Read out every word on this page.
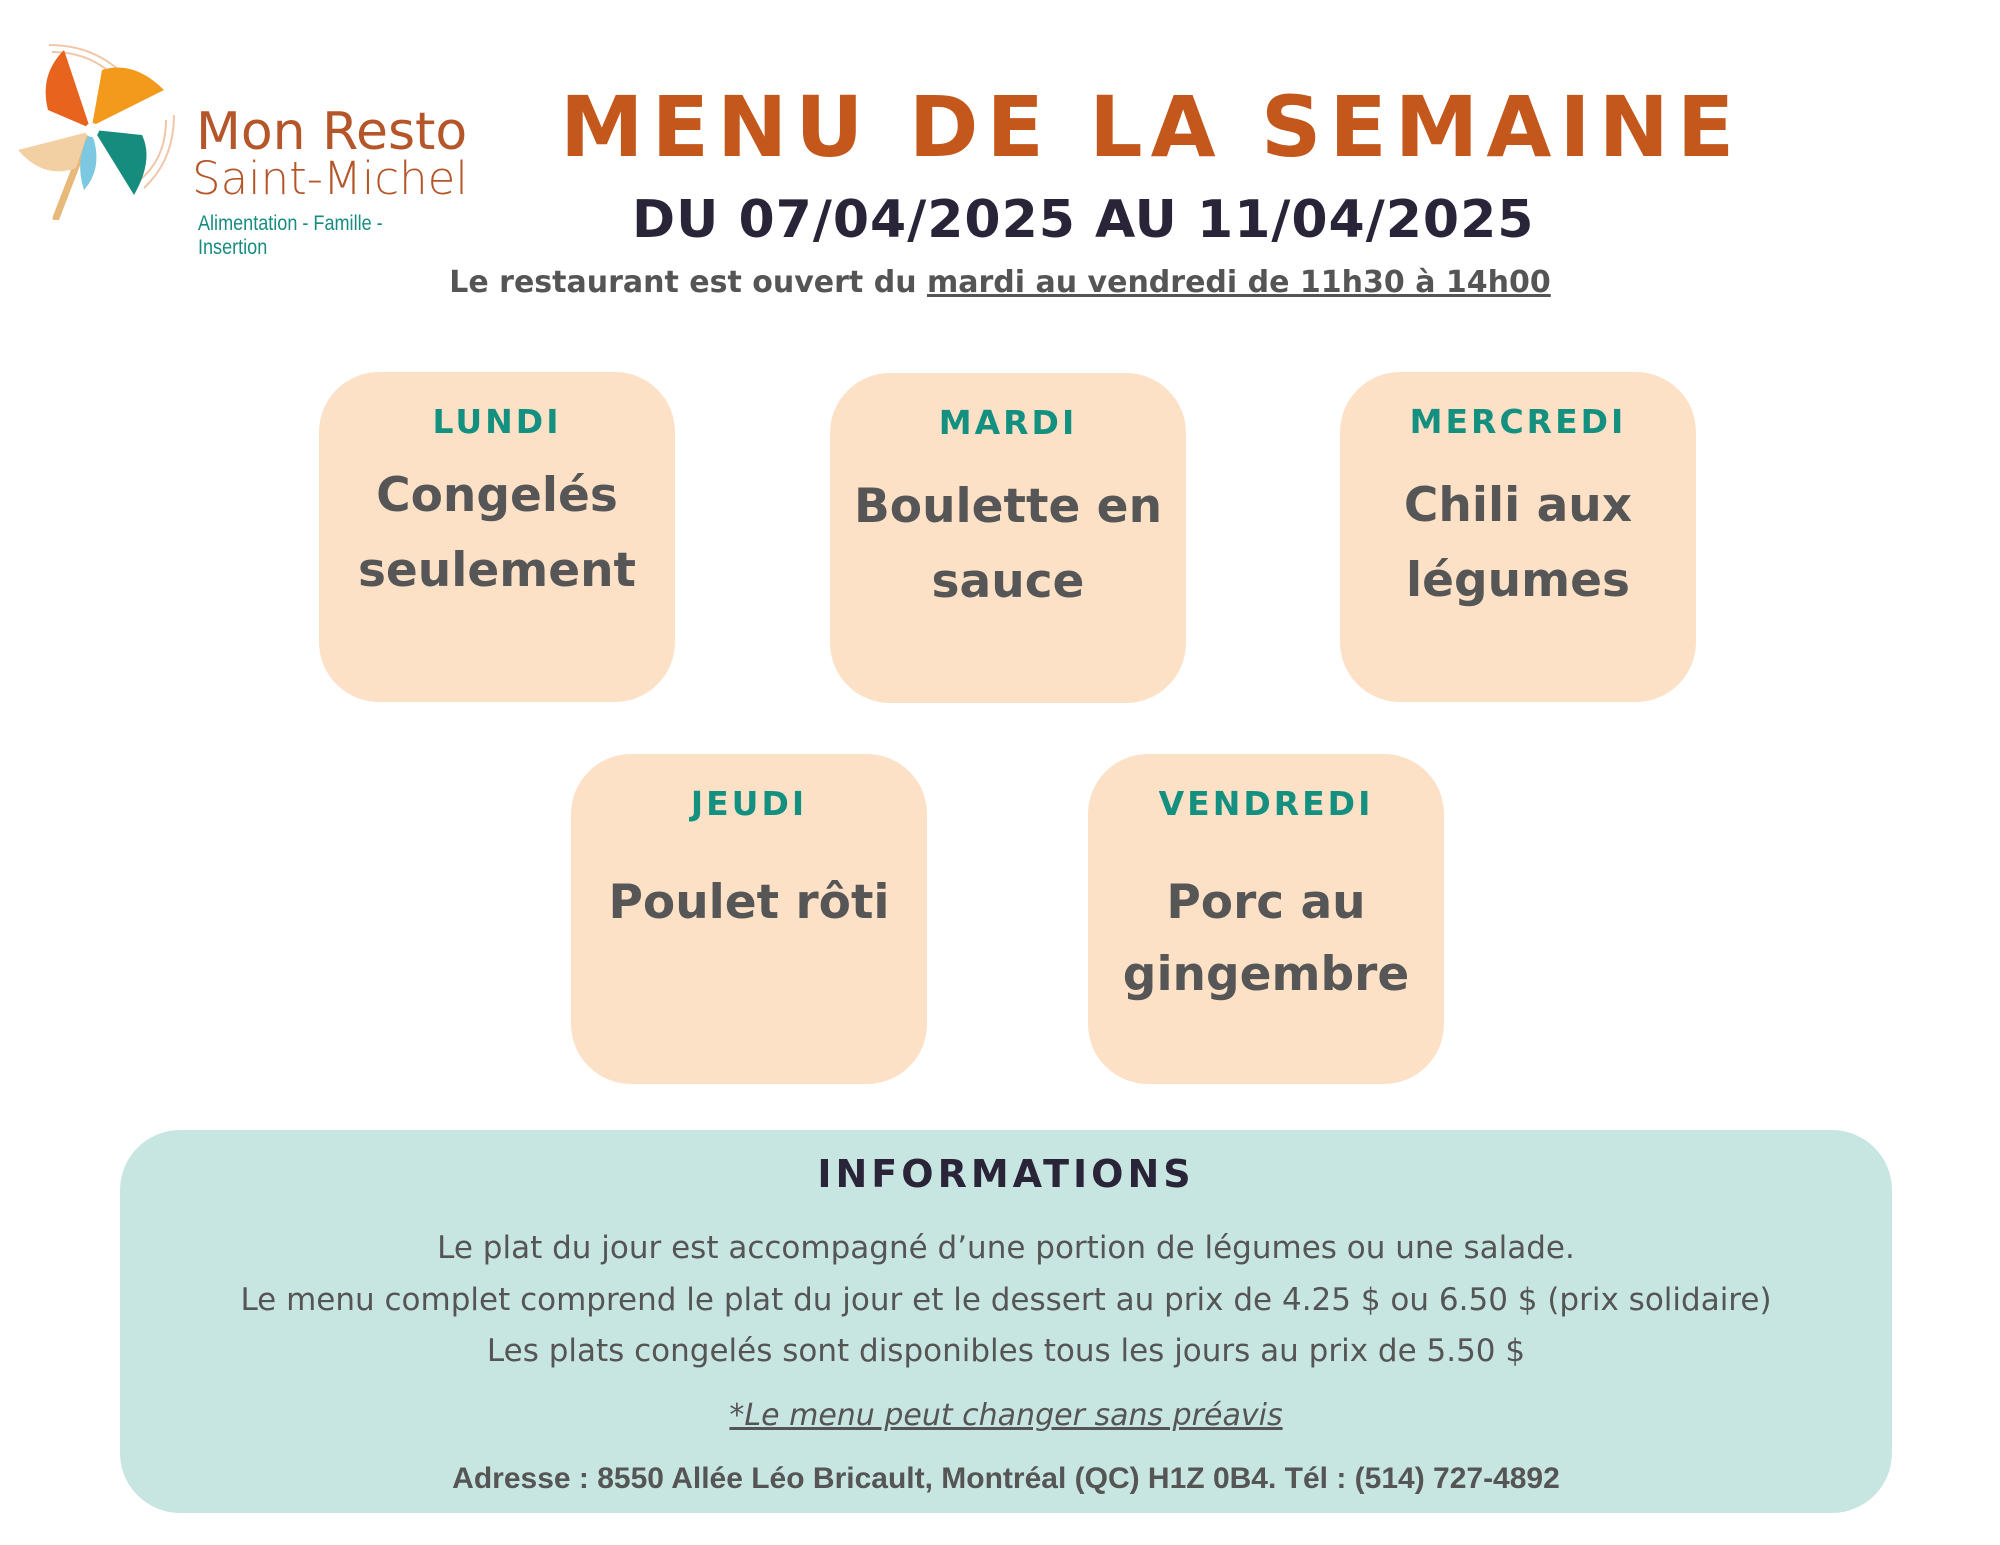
Mon Resto
Saint-Michel
Alimentation - Famille - Insertion
MENU DE LA SEMAINE
DU 07/04/2025 AU 11/04/2025
Le restaurant est ouvert du mardi au vendredi de 11h30 à 14h00
LUNDI
Congelés
seulement
MARDI
Boulette en
sauce
MERCREDI
Chili aux
légumes
JEUDI
Poulet rôti
VENDREDI
Porc au
gingembre
INFORMATIONS
Le plat du jour est accompagné d’une portion de légumes ou une salade.
Le menu complet comprend le plat du jour et le dessert au prix de 4.25 $ ou 6.50 $ (prix solidaire)
Les plats congelés sont disponibles tous les jours au prix de 5.50 $
*Le menu peut changer sans préavis
Adresse : 8550 Allée Léo Bricault, Montréal (QC) H1Z 0B4. Tél : (514) 727-4892
